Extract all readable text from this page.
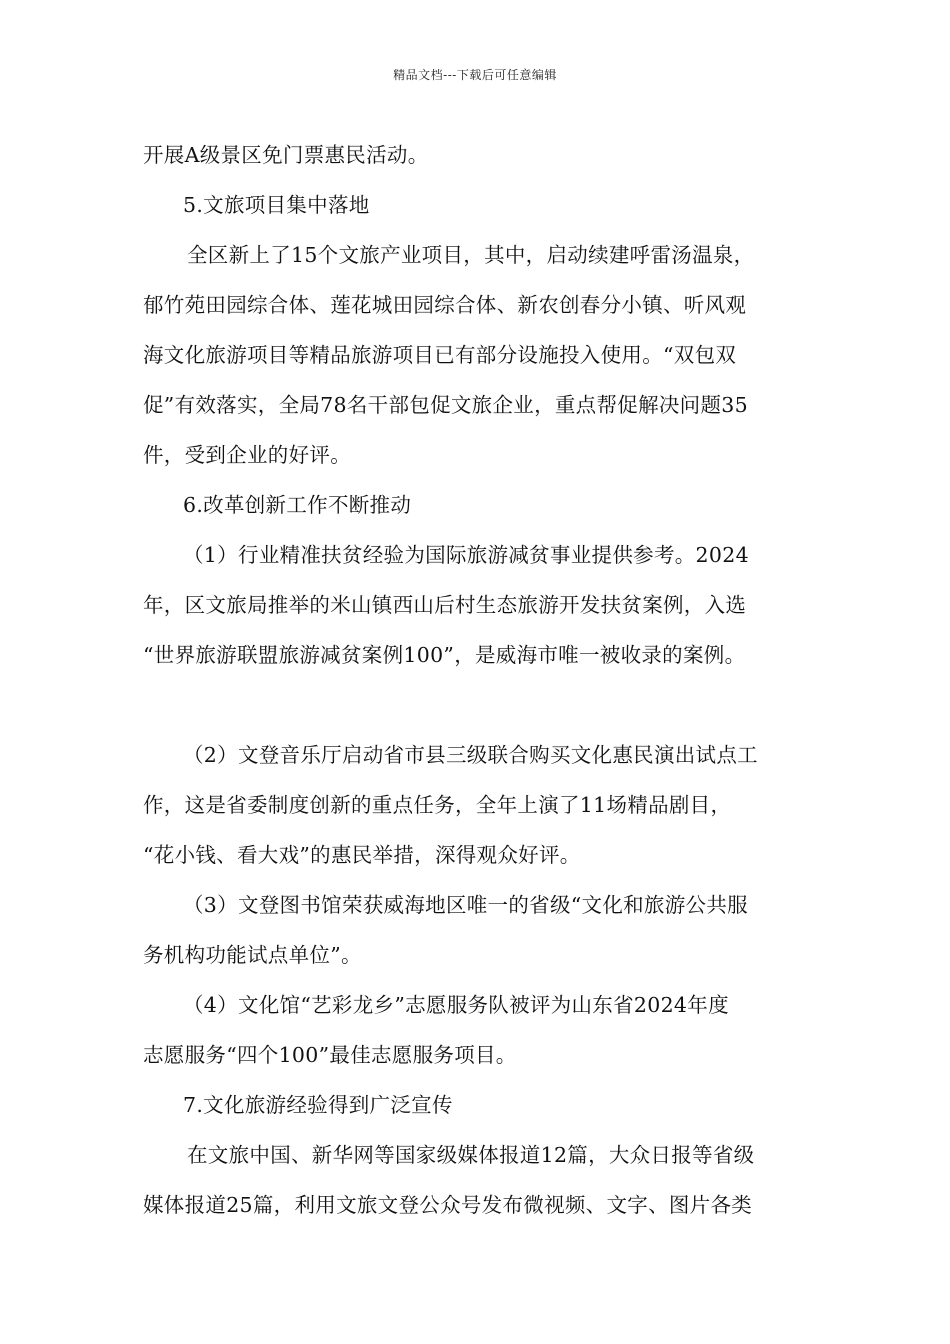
精品文档---下载后可任意编辑
开展A级景区免门票惠民活动。
5.文旅项目集中落地
全区新上了15个文旅产业项目，其中，启动续建呼雷汤温泉，
郁竹苑田园综合体、莲花城田园综合体、新农创春分小镇、听风观
海文化旅游项目等精品旅游项目已有部分设施投入使用。“双包双
促”有效落实，全局78名干部包促文旅企业，重点帮促解决问题35
件，受到企业的好评。
6.改革创新工作不断推动
（1）行业精准扶贫经验为国际旅游减贫事业提供参考。2024
年，区文旅局推举的米山镇西山后村生态旅游开发扶贫案例，入选
“世界旅游联盟旅游减贫案例100”，是威海市唯一被收录的案例。
（2）文登音乐厅启动省市县三级联合购买文化惠民演出试点工
作，这是省委制度创新的重点任务，全年上演了11场精品剧目，
“花小钱、看大戏”的惠民举措，深得观众好评。
（3）文登图书馆荣获威海地区唯一的省级“文化和旅游公共服
务机构功能试点单位”。
（4）文化馆“艺彩龙乡”志愿服务队被评为山东省2024年度
志愿服务“四个100”最佳志愿服务项目。
7.文化旅游经验得到广泛宣传
在文旅中国、新华网等国家级媒体报道12篇，大众日报等省级
媒体报道25篇，利用文旅文登公众号发布微视频、文字、图片各类
